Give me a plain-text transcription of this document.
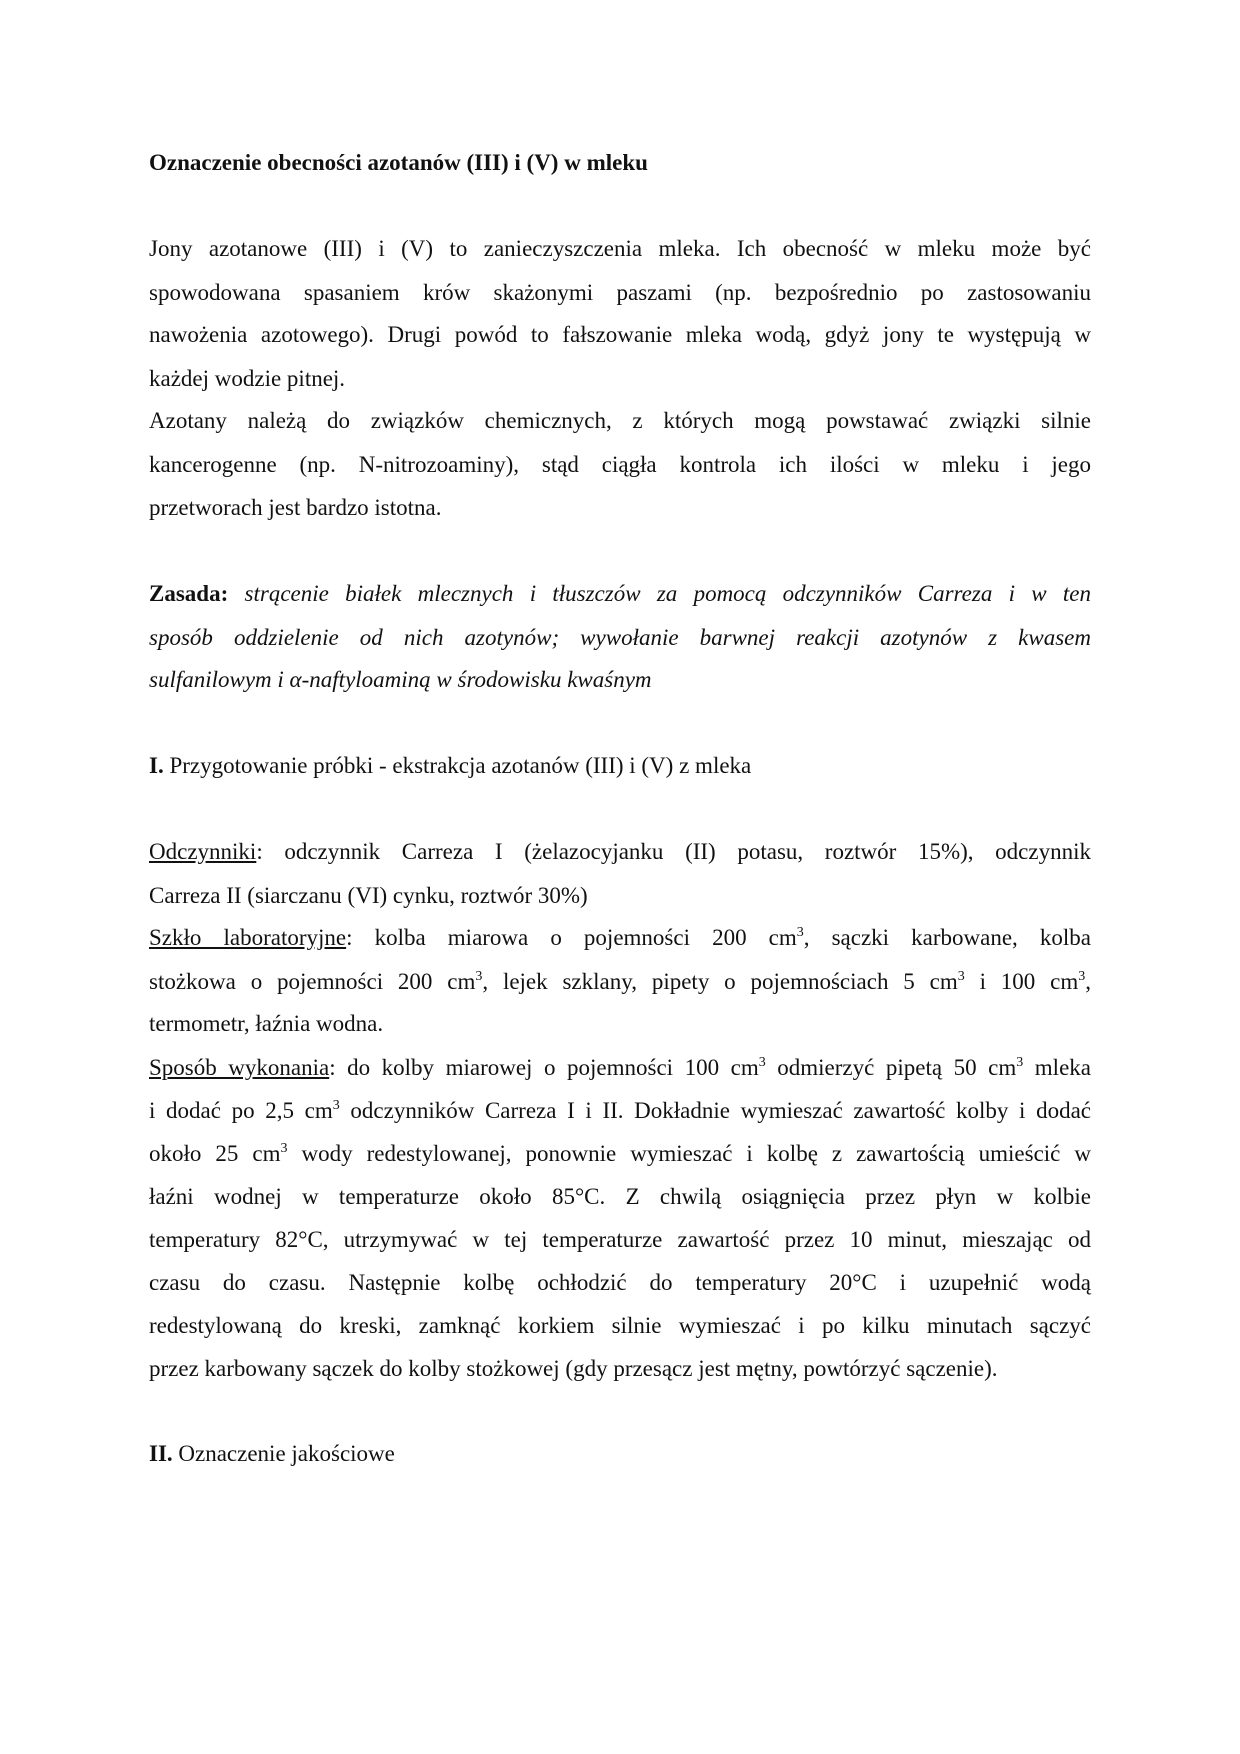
Oznaczenie obecności azotanów (III) i (V) w mleku
Jony azotanowe (III) i (V) to zanieczyszczenia mleka. Ich obecność w mleku może być
spowodowana spasaniem krów skażonymi paszami (np. bezpośrednio po zastosowaniu
nawożenia azotowego). Drugi powód to fałszowanie mleka wodą, gdyż jony te występują w
każdej wodzie pitnej.
Azotany należą do związków chemicznych, z których mogą powstawać związki silnie
kancerogenne (np. N-nitrozoaminy), stąd ciągła kontrola ich ilości w mleku i jego
przetworach jest bardzo istotna.
Zasada: strącenie białek mlecznych i tłuszczów za pomocą odczynników Carreza i w ten
sposób oddzielenie od nich azotynów; wywołanie barwnej reakcji azotynów z kwasem
sulfanilowym i α-naftyloaminą w środowisku kwaśnym
I. Przygotowanie próbki - ekstrakcja azotanów (III) i (V) z mleka
Odczynniki: odczynnik Carreza I (żelazocyjanku (II) potasu, roztwór 15%), odczynnik
Carreza II (siarczanu (VI) cynku, roztwór 30%)
Szkło laboratoryjne: kolba miarowa o pojemności 200 $cm^3$, sączki karbowane, kolba
stożkowa o pojemności 200 $cm^3$, lejek szklany, pipety o pojemnościach 5 $cm^3$ i 100 $cm^3$,
termometr, łaźnia wodna.
Sposób wykonania: do kolby miarowej o pojemności 100 $cm^3$ odmierzyć pipetą 50 $cm^3$ mleka
i dodać po 2,5 $cm^3$ odczynników Carreza I i II. Dokładnie wymieszać zawartość kolby i dodać
około 25 $cm^3$ wody redestylowanej, ponownie wymieszać i kolbę z zawartością umieścić w
łaźni wodnej w temperaturze około 85°C. Z chwilą osiągnięcia przez płyn w kolbie
temperatury 82°C, utrzymywać w tej temperaturze zawartość przez 10 minut, mieszając od
czasu do czasu. Następnie kolbę ochłodzić do temperatury 20°C i uzupełnić wodą
redestylowaną do kreski, zamknąć korkiem silnie wymieszać i po kilku minutach sączyć
przez karbowany sączek do kolby stożkowej (gdy przesącz jest mętny, powtórzyć sączenie).
II. Oznaczenie jakościowe
